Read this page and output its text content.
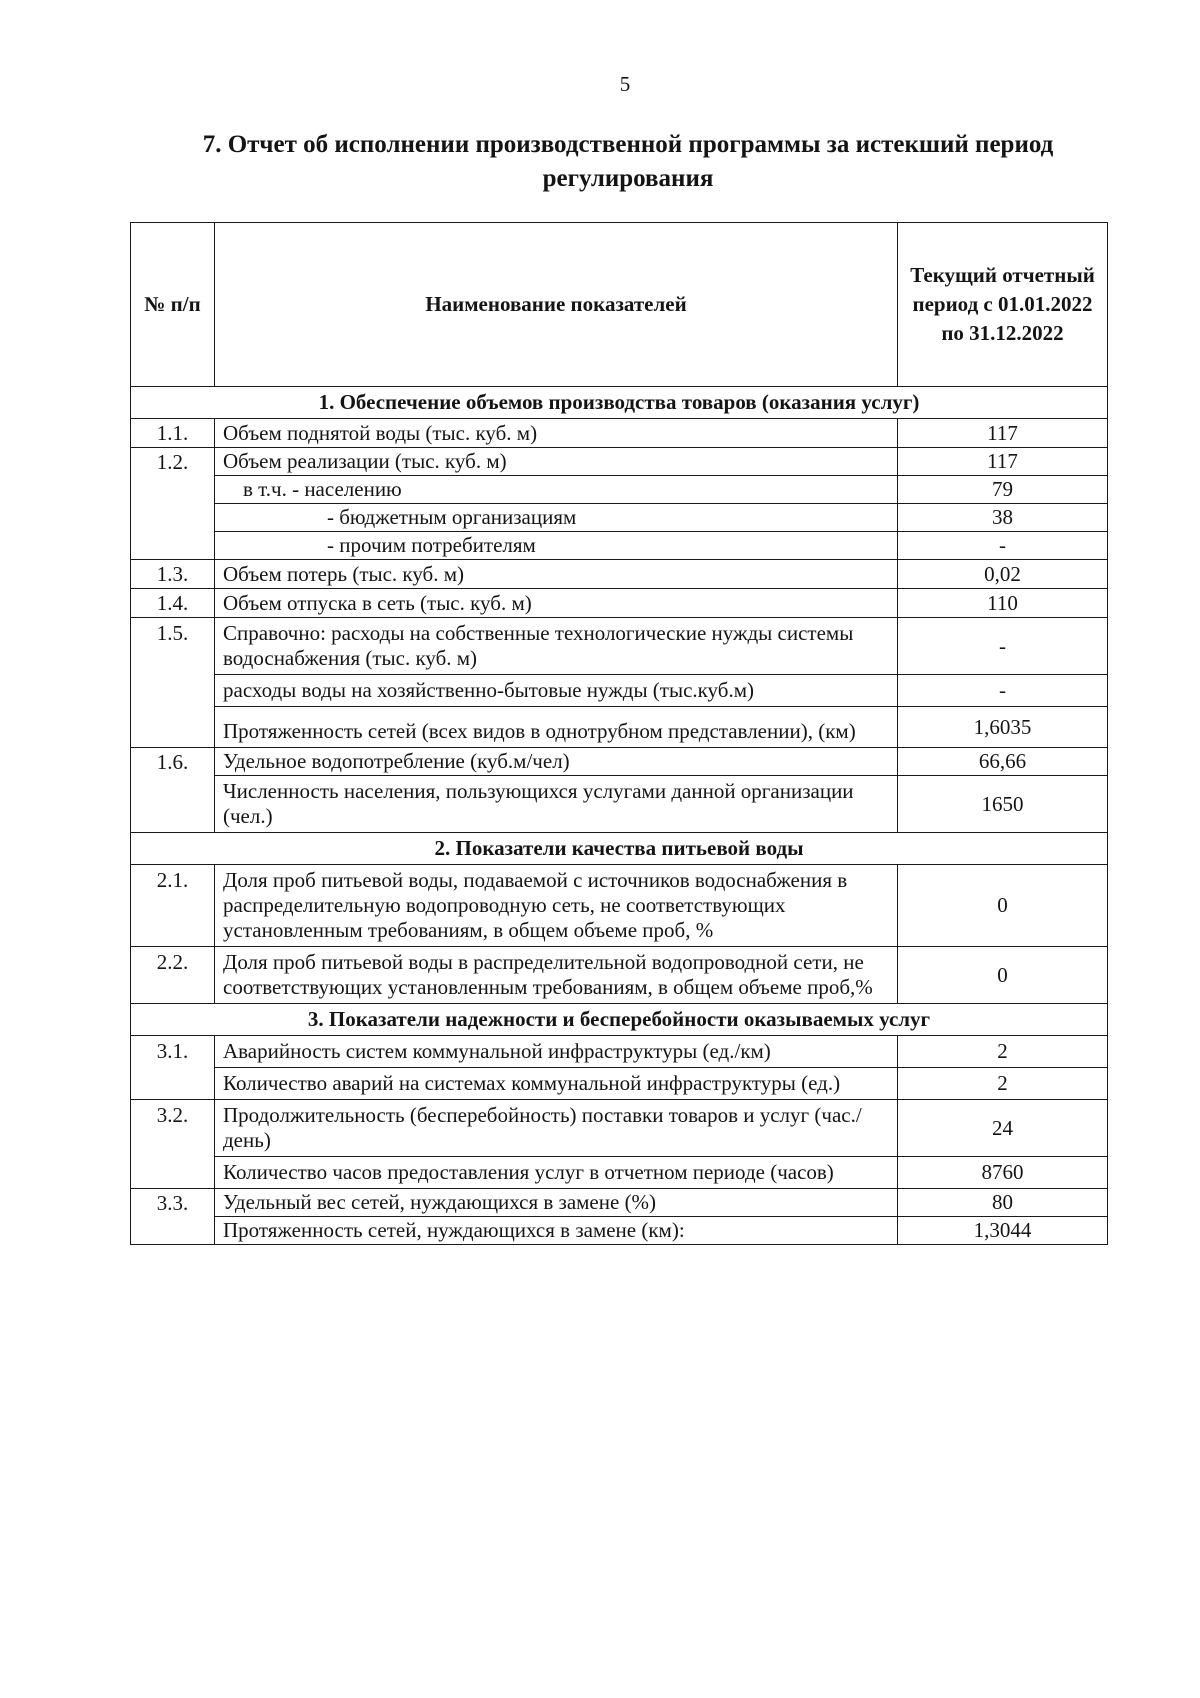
5
7. Отчет об исполнении производственной программы за истекший период регулирования
№ п/п	Наименование показателей	Текущий отчетный период с 01.01.2022 по 31.12.2022
1. Обеспечение объемов производства товаров (оказания услуг)		
1.1.	Объем поднятой воды (тыс. куб. м)	117
1.2.	Объем реализации (тыс. куб. м)	117
	в т.ч. - населению	79
	- бюджетным организациям	38
	- прочим потребителям	-
1.3.	Объем потерь (тыс. куб. м)	0,02
1.4.	Объем отпуска в сеть (тыс. куб. м)	110
1.5.	Справочно: расходы на собственные технологические нужды системы водоснабжения (тыс. куб. м)	-
	расходы воды на хозяйственно-бытовые нужды (тыс.куб.м)	-
	Протяженность сетей (всех видов в однотрубном представлении), (км)	1,6035
1.6.	Удельное водопотребление (куб.м/чел)	66,66
	Численность населения, пользующихся услугами данной организации (чел.)	1650
2. Показатели качества питьевой воды		
2.1.	Доля проб питьевой воды, подаваемой с источников водоснабжения в распределительную водопроводную сеть, не соответствующих установленным требованиям, в общем объеме проб, %	0
2.2.	Доля проб питьевой воды в распределительной водопроводной сети, не соответствующих установленным требованиям, в общем объеме проб,%	0
3. Показатели надежности и бесперебойности оказываемых услуг		
3.1.	Аварийность систем коммунальной инфраструктуры (ед./км)	2
	Количество аварий на системах коммунальной инфраструктуры (ед.)	2
3.2.	Продолжительность (бесперебойность) поставки товаров и услуг (час./день)	24
	Количество часов предоставления услуг в отчетном периоде (часов)	8760
3.3.	Удельный вес сетей, нуждающихся в замене (%)	80
	Протяженность сетей, нуждающихся в замене (км):	1,3044
